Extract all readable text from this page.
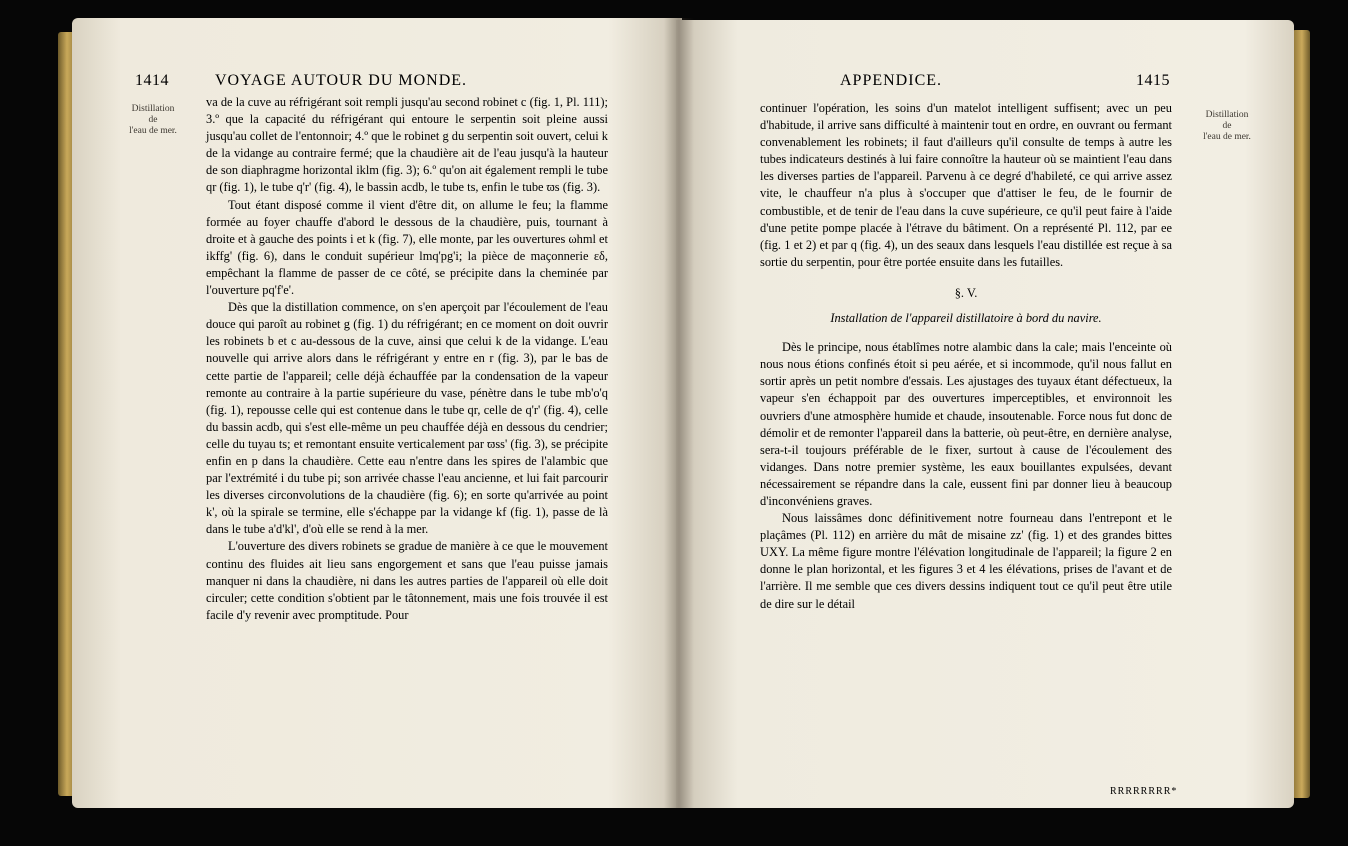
1414	VOYAGE AUTOUR DU MONDE.
Distillation
de
l'eau de mer.

va de la cuve au réfrigérant soit rempli jusqu'au second robinet c (fig. 1, Pl. 111); 3.º que la capacité du réfrigérant qui entoure le serpentin soit pleine aussi jusqu'au collet de l'entonnoir; 4.º que le robinet g du serpentin soit ouvert, celui k de la vidange au contraire fermé; que la chaudière ait de l'eau jusqu'à la hauteur de son diaphragme horizontal iklm (fig. 3); 6.º qu'on ait également rempli le tube qr (fig. 1), le tube q'r' (fig. 4), le bassin acdb, le tube ts, enfin le tube ϖs (fig. 3).

Tout étant disposé comme il vient d'être dit, on allume le feu; la flamme formée au foyer chauffe d'abord le dessous de la chaudière, puis, tournant à droite et à gauche des points i et k (fig. 7), elle monte, par les ouvertures ωhml et ikffg' (fig. 6), dans le conduit supérieur lmq'pg'i; la pièce de maçonnerie εδ, empêchant la flamme de passer de ce côté, se précipite dans la cheminée par l'ouverture pq'f'e'.

Dès que la distillation commence, on s'en aperçoit par l'écoulement de l'eau douce qui paroît au robinet g (fig. 1) du réfrigérant; en ce moment on doit ouvrir les robinets b et c au-dessous de la cuve, ainsi que celui k de la vidange. L'eau nouvelle qui arrive alors dans le réfrigérant y entre en r (fig. 3), par le bas de cette partie de l'appareil; celle déjà échauffée par la condensation de la vapeur remonte au contraire à la partie supérieure du vase, pénètre dans le tube mb'o'q (fig. 1), repousse celle qui est contenue dans le tube qr, celle de q'r' (fig. 4), celle du bassin acdb, qui s'est elle-même un peu chauffée déjà en dessous du cendrier; celle du tuyau ts; et remontant ensuite verticalement par ϖss' (fig. 3), se précipite enfin en p dans la chaudière. Cette eau n'entre dans les spires de l'alambic que par l'extrémité i du tube pi; son arrivée chasse l'eau ancienne, et lui fait parcourir les diverses circonvolutions de la chaudière (fig. 6); en sorte qu'arrivée au point k', où la spirale se termine, elle s'échappe par la vidange kf (fig. 1), passe de là dans le tube a'd'kl', d'où elle se rend à la mer.

L'ouverture des divers robinets se gradue de manière à ce que le mouvement continu des fluides ait lieu sans engorgement et sans que l'eau puisse jamais manquer ni dans la chaudière, ni dans les autres parties de l'appareil où elle doit circuler; cette condition s'obtient par le tâtonnement, mais une fois trouvée il est facile d'y revenir avec promptitude. Pour

APPENDICE.	1415
Distillation
de
l'eau de mer.

continuer l'opération, les soins d'un matelot intelligent suffisent; avec un peu d'habitude, il arrive sans difficulté à maintenir tout en ordre, en ouvrant ou fermant convenablement les robinets; il faut d'ailleurs qu'il consulte de temps à autre les tubes indicateurs destinés à lui faire connoître la hauteur où se maintient l'eau dans les diverses parties de l'appareil. Parvenu à ce degré d'habileté, ce qui arrive assez vite, le chauffeur n'a plus à s'occuper que d'attiser le feu, de le fournir de combustible, et de tenir de l'eau dans la cuve supérieure, ce qu'il peut faire à l'aide d'une petite pompe placée à l'étrave du bâtiment. On a représenté Pl. 112, par ee (fig. 1 et 2) et par q (fig. 4), un des seaux dans lesquels l'eau distillée est reçue à sa sortie du serpentin, pour être portée ensuite dans les futailles.

§. V.
Installation de l'appareil distillatoire à bord du navire.

Dès le principe, nous établîmes notre alambic dans la cale; mais l'enceinte où nous nous étions confinés étoit si peu aérée, et si incommode, qu'il nous fallut en sortir après un petit nombre d'essais. Les ajustages des tuyaux étant défectueux, la vapeur s'en échappoit par des ouvertures imperceptibles, et environnoit les ouvriers d'une atmosphère humide et chaude, insoutenable. Force nous fut donc de démolir et de remonter l'appareil dans la batterie, où peut-être, en dernière analyse, sera-t-il toujours préférable de le fixer, surtout à cause de l'écoulement des vidanges. Dans notre premier système, les eaux bouillantes expulsées, devant nécessairement se répandre dans la cale, eussent fini par donner lieu à beaucoup d'inconvéniens graves.

Nous laissâmes donc définitivement notre fourneau dans l'entrepont et le plaçâmes (Pl. 112) en arrière du mât de misaine zz' (fig. 1) et des grandes bittes UXY. La même figure montre l'élévation longitudinale de l'appareil; la figure 2 en donne le plan horizontal, et les figures 3 et 4 les élévations, prises de l'avant et de l'arrière. Il me semble que ces divers dessins indiquent tout ce qu'il peut être utile de dire sur le détail

RRRRRRRR*
